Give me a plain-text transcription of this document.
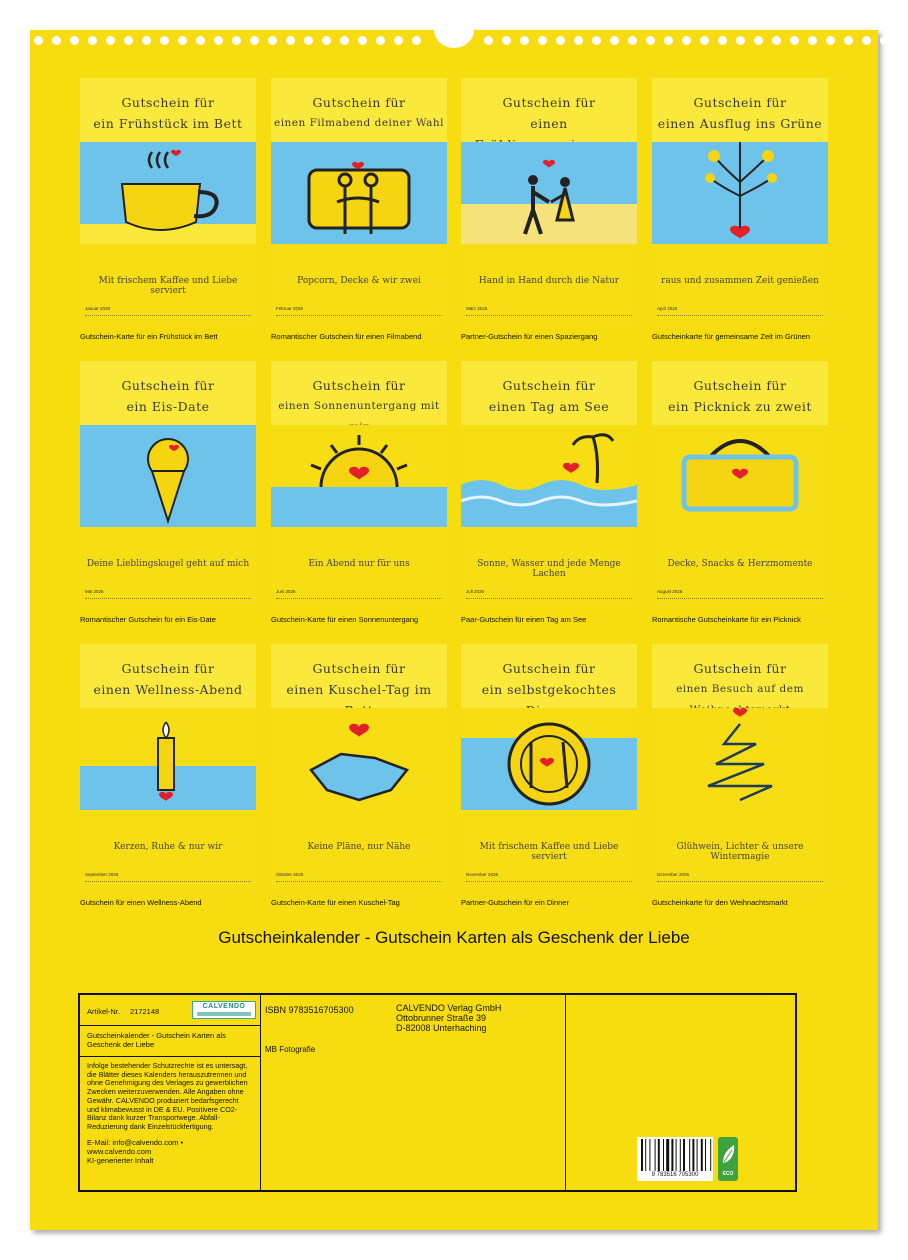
Gutschein für
ein Frühstück im Bett
Mit frischem Kaffee und Liebe serviert
Januar 2026
Gutschein-Karte für ein Frühstück im Bett
Gutschein für
einen Filmabend deiner Wahl
Popcorn, Decke & wir zwei
Februar 2026
Romantischer Gutschein für einen Filmabend
Gutschein für
einen
Hand in Hand durch die Natur
März 2026
Partner-Gutschein für einen Spaziergang
Gutschein für
einen Ausflug ins Grüne
raus und zusammen Zeit genießen
April 2026
Gutscheinkarte für gemeinsame Zeit im Grünen
Gutschein für
ein Eis-Date
Deine Lieblingskugel geht auf mich
Mai 2026
Romantischer Gutschein für ein Eis-Date
Gutschein für
einen Sonnenuntergang mit
Ein Abend nur für uns
Juni 2026
Gutschein-Karte für einen Sonnenuntergang
Gutschein für
einen Tag am See
Sonne, Wasser und jede Menge Lachen
Juli 2026
Paar-Gutschein für einen Tag am See
Gutschein für
ein Picknick zu zweit
Decke, Snacks & Herzmomente
August 2026
Romantische Gutscheinkarte für ein Picknick
Gutschein für
einen Wellness-Abend
Kerzen, Ruhe & nur wir
September 2026
Gutschein für einen Wellness-Abend
Gutschein für
einen Kuschel-Tag im
Keine Pläne, nur Nähe
Oktober 2026
Gutschein-Karte für einen Kuschel-Tag
Gutschein für
ein selbstgekochtes
Mit frischem Kaffee und Liebe serviert
November 2026
Partner-Gutschein für ein Dinner
Gutschein für
einen Besuch auf dem
Glühwein, Lichter & unsere Wintermagie
Dezember 2026
Gutscheinkarte für den Weihnachtsmarkt
Gutscheinkalender - Gutschein Karten als Geschenk der Liebe
Artikel-Nr. 2172148
CALVENDO
Gutscheinkalender - Gutschein Karten als Geschenk der Liebe
Infolge bestehender Schutzrechte ist es untersagt, die Blätter dieses Kalenders herauszutrennen und ohne Genehmigung des Verlages zu gewerblichen Zwecken weiterzuverwenden. Alle Angaben ohne Gewähr. CALVENDO produziert bedarfsgerecht und klimabewusst in DE & EU. Positivere CO2-Bilanz dank kurzer Transportwege. Abfall-Reduzierung dank Einzelstückfertigung.
E-Mail: info@calvendo.com •
www.calvendo.com
KI-generierter Inhalt
ISBN 9783516705300
MB Fotografie
CALVENDO Verlag GmbH
Ottobrunner Straße 39
D-82008 Unterhaching
9 783516 705300	ECO
